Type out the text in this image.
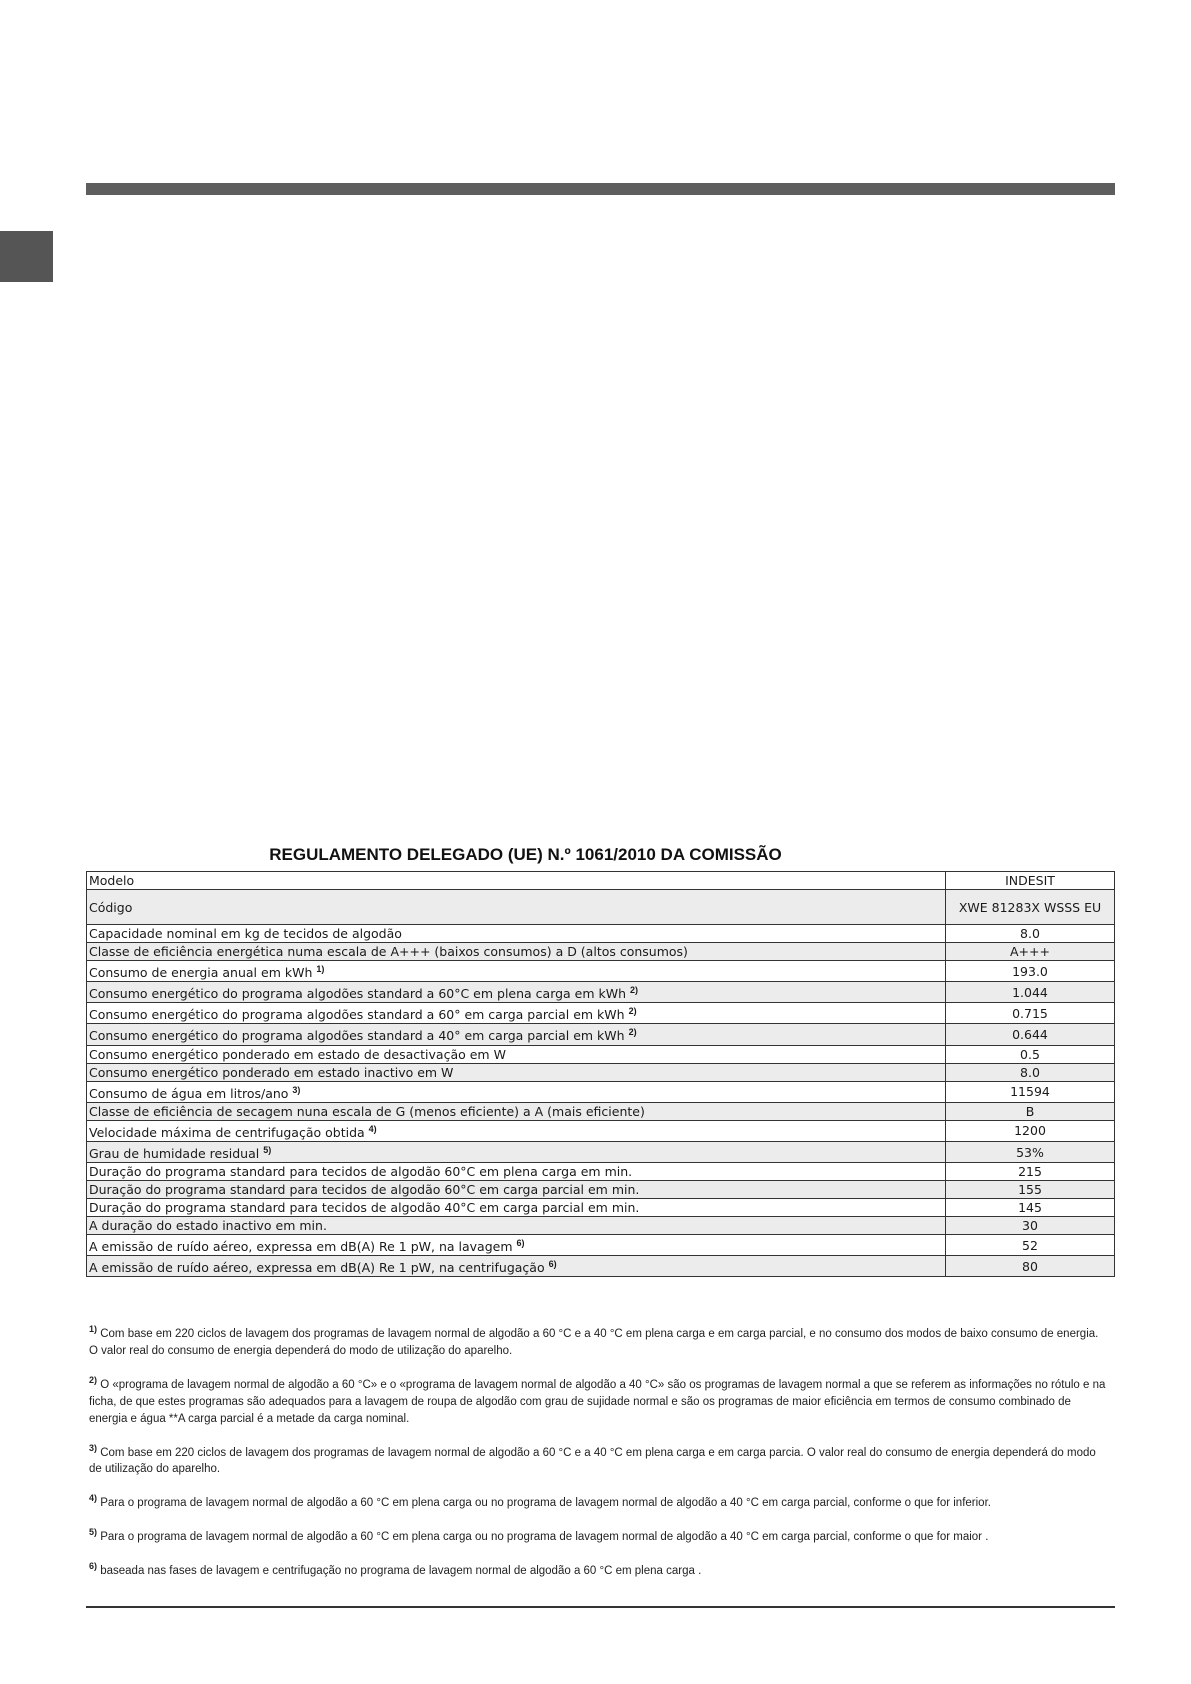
REGULAMENTO DELEGADO (UE) N.º 1061/2010 DA COMISSÃO
Modelo	INDESIT
Código	XWE 81283X WSSS EU
Capacidade nominal em kg de tecidos de algodão	8.0
Classe de eficiência energética numa escala de A+++ (baixos consumos) a D (altos consumos)	A+++
Consumo de energia anual em kWh $^{1)}$	193.0
Consumo energético do programa algodões standard a 60°C em plena carga em kWh $^{2)}$	1.044
Consumo energético do programa algodões standard a 60° em carga parcial em kWh $^{2)}$	0.715
Consumo energético do programa algodões standard a 40° em carga parcial em kWh $^{2)}$	0.644
Consumo energético ponderado em estado de desactivação em W	0.5
Consumo energético ponderado em estado inactivo em W	8.0
Consumo de água em litros/ano $^{3)}$	11594
Classe de eficiência de secagem nuna escala de G (menos eficiente) a A (mais eficiente)	B
Velocidade máxima de centrifugação obtida $^{4)}$	1200
Grau de humidade residual $^{5)}$	53%
Duração do programa standard para tecidos de algodão 60°C em plena carga em min.	215
Duração do programa standard para tecidos de algodão 60°C em carga parcial em min.	155
Duração do programa standard para tecidos de algodão 40°C em carga parcial em min.	145
A duração do estado inactivo em min.	30
A emissão de ruído aéreo, expressa em dB(A) Re 1 pW, na lavagem $^{6)}$	52
A emissão de ruído aéreo, expressa em dB(A) Re 1 pW, na centrifugação $^{6)}$	80
$^{1)}$ Com base em 220 ciclos de lavagem dos programas de lavagem normal de algodão a 60 °C e a 40 °C em plena carga e em carga parcial, e no consumo dos modos de baixo consumo de energia. O valor real do consumo de energia dependerá do modo de utilização do aparelho.
$^{2)}$ O «programa de lavagem normal de algodão a 60 °C» e o «programa de lavagem normal de algodão a 40 °C» são os programas de lavagem normal a que se referem as informações no rótulo e na ficha, de que estes programas são adequados para a lavagem de roupa de algodão com grau de sujidade normal e são os programas de maior eficiência em termos de consumo combinado de energia e água **A carga parcial é a metade da carga nominal.
$^{3)}$ Com base em 220 ciclos de lavagem dos programas de lavagem normal de algodão a 60 °C e a 40 °C em plena carga e em carga parcia. O valor real do consumo de energia dependerá do modo de utilização do aparelho.
$^{4)}$ Para o programa de lavagem normal de algodão a 60 °C em plena carga ou no programa de lavagem normal de algodão a 40 °C em carga parcial, conforme o que for inferior.
$^{5)}$ Para o programa de lavagem normal de algodão a 60 °C em plena carga ou no programa de lavagem normal de algodão a 40 °C em carga parcial, conforme o que for maior .
$^{6)}$ baseada nas fases de lavagem e centrifugação no programa de lavagem normal de algodão a 60 °C em plena carga .
